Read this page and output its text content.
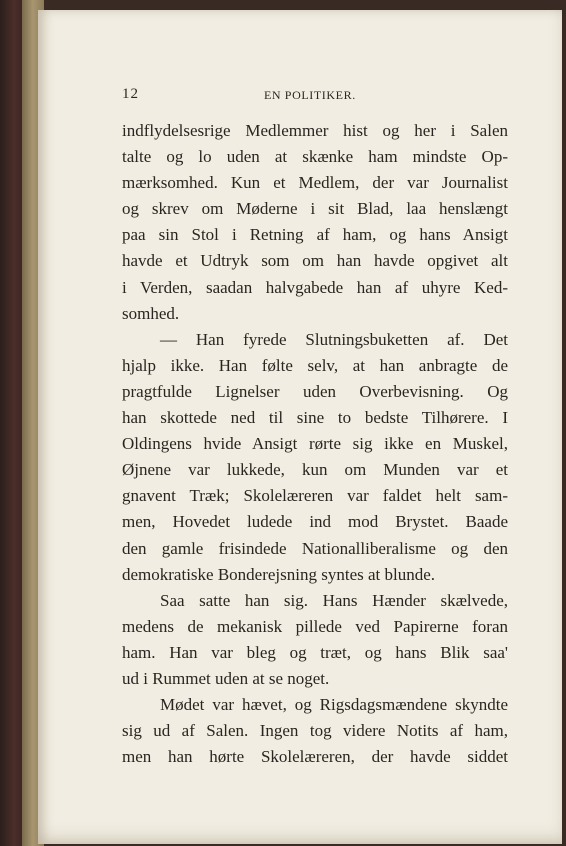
12	EN POLITIKER.
indflydelsesrige Medlemmer hist og her i Salen
talte og lo uden at skænke ham mindste Op-
mærksomhed. Kun et Medlem, der var Journalist
og skrev om Møderne i sit Blad, laa henslængt
paa sin Stol i Retning af ham, og hans Ansigt
havde et Udtryk som om han havde opgivet alt
i Verden, saadan halvgabede han af uhyre Ked-
somhed.
— Han fyrede Slutningsbuketten af. Det
hjalp ikke. Han følte selv, at han anbragte de
pragtfulde Lignelser uden Overbevisning. Og
han skottede ned til sine to bedste Tilhørere. I
Oldingens hvide Ansigt rørte sig ikke en Muskel,
Øjnene var lukkede, kun om Munden var et
gnavent Træk; Skolelæreren var faldet helt sam-
men, Hovedet ludede ind mod Brystet. Baade
den gamle frisindede Nationalliberalisme og den
demokratiske Bonderejsning syntes at blunde.
Saa satte han sig. Hans Hænder skælvede,
medens de mekanisk pillede ved Papirerne foran
ham. Han var bleg og træt, og hans Blik saa'
ud i Rummet uden at se noget.
Mødet var hævet, og Rigsdagsmændene skyndte
sig ud af Salen. Ingen tog videre Notits af ham,
men han hørte Skolelæreren, der havde siddet
